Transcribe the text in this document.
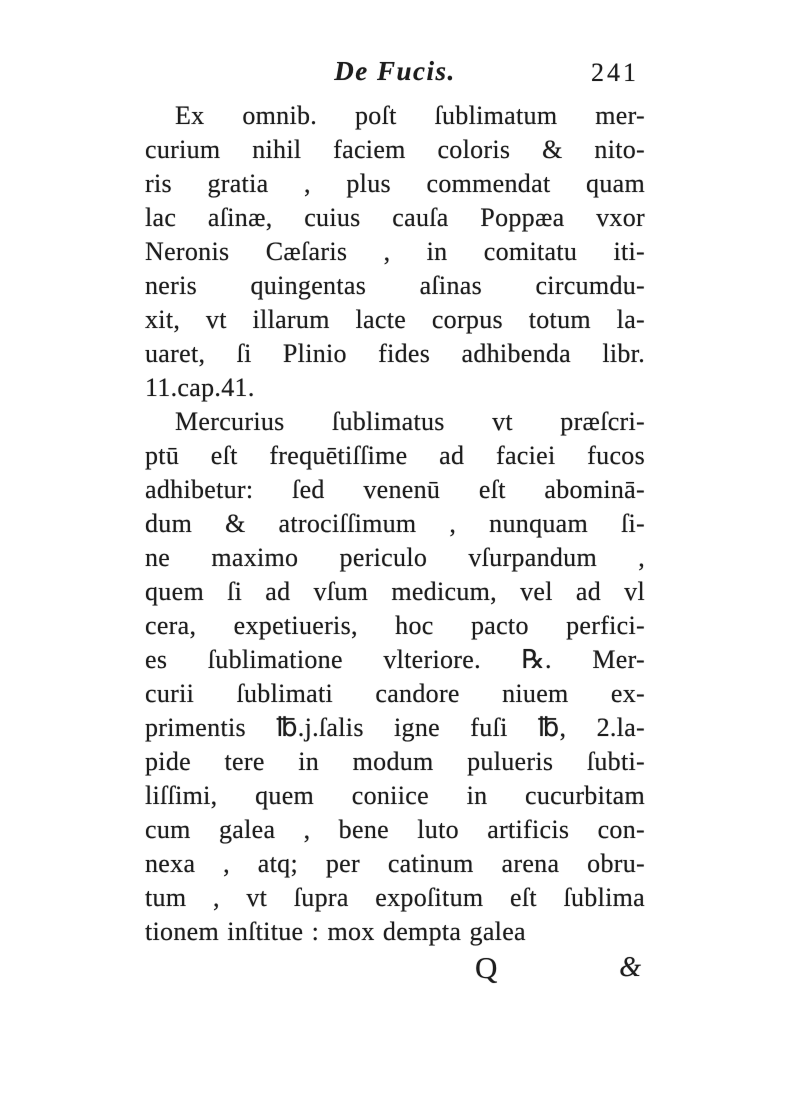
De Fucis.	241
Ex omnib. poſt ſublimatum mer-
curium nihil faciem coloris & nito-
ris gratia , plus commendat quam
lac aſinæ, cuius cauſa Poppæa vxor
Neronis Cæſaris , in comitatu iti-
neris quingentas aſinas circumdu-
xit, vt illarum lacte corpus totum la-
uaret, ſi Plinio fides adhibenda libr.
11.cap.41.
Mercurius ſublimatus vt præſcri-
ptū eſt frequētiſſime ad faciei fucos
adhibetur: ſed venenū eſt abominā-
dum & atrociſſimum , nunquam ſi-
ne maximo periculo vſurpandum ,
quem ſi ad vſum medicum, vel ad vl
cera, expetiueris, hoc pacto perfici-
es ſublimatione vlteriore. ℞. Mer-
curii ſublimati candore niuem ex-
primentis ℔.j.ſalis igne fuſi ℔, 2.la-
pide tere in modum pulueris ſubti-
liſſimi, quem coniice in cucurbitam
cum galea , bene luto artificis con-
nexa , atq; per catinum arena obru-
tum , vt ſupra expoſitum eſt ſublima
tionem inſtitue : mox dempta galea
Q	&
